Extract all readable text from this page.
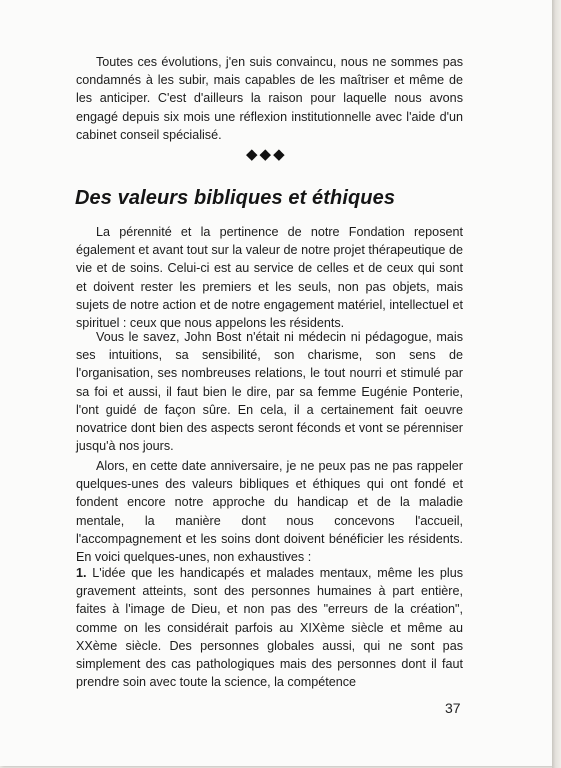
Toutes ces évolutions, j'en suis convaincu, nous ne sommes pas condamnés à les subir, mais capables de les maîtriser et même de les anticiper. C'est d'ailleurs la raison pour laquelle nous avons engagé depuis six mois une réflexion institutionnelle avec l'aide d'un cabinet conseil spécialisé.

◆◆◆
Des valeurs bibliques et éthiques

La pérennité et la pertinence de notre Fondation reposent également et avant tout sur la valeur de notre projet thérapeutique de vie et de soins. Celui-ci est au service de celles et de ceux qui sont et doivent rester les premiers et les seuls, non pas objets, mais sujets de notre action et de notre engagement matériel, intellectuel et spirituel : ceux que nous appelons les résidents.

Vous le savez, John Bost n'était ni médecin ni pédagogue, mais ses intuitions, sa sensibilité, son charisme, son sens de l'organisation, ses nombreuses relations, le tout nourri et stimulé par sa foi et aussi, il faut bien le dire, par sa femme Eugénie Ponterie, l'ont guidé de façon sûre. En cela, il a certainement fait oeuvre novatrice dont bien des aspects seront féconds et vont se pérenniser jusqu'à nos jours.

Alors, en cette date anniversaire, je ne peux pas ne pas rappeler quelques-unes des valeurs bibliques et éthiques qui ont fondé et fondent encore notre approche du handicap et de la maladie mentale, la manière dont nous concevons l'accueil, l'accompagnement et les soins dont doivent bénéficier les résidents. En voici quelques-unes, non exhaustives :

1. L'idée que les handicapés et malades mentaux, même les plus gravement atteints, sont des personnes humaines à part entière, faites à l'image de Dieu, et non pas des "erreurs de la création", comme on les considérait parfois au XIXème siècle et même au XXème siècle. Des personnes globales aussi, qui ne sont pas simplement des cas pathologiques mais des personnes dont il faut prendre soin avec toute la science, la compétence

37
